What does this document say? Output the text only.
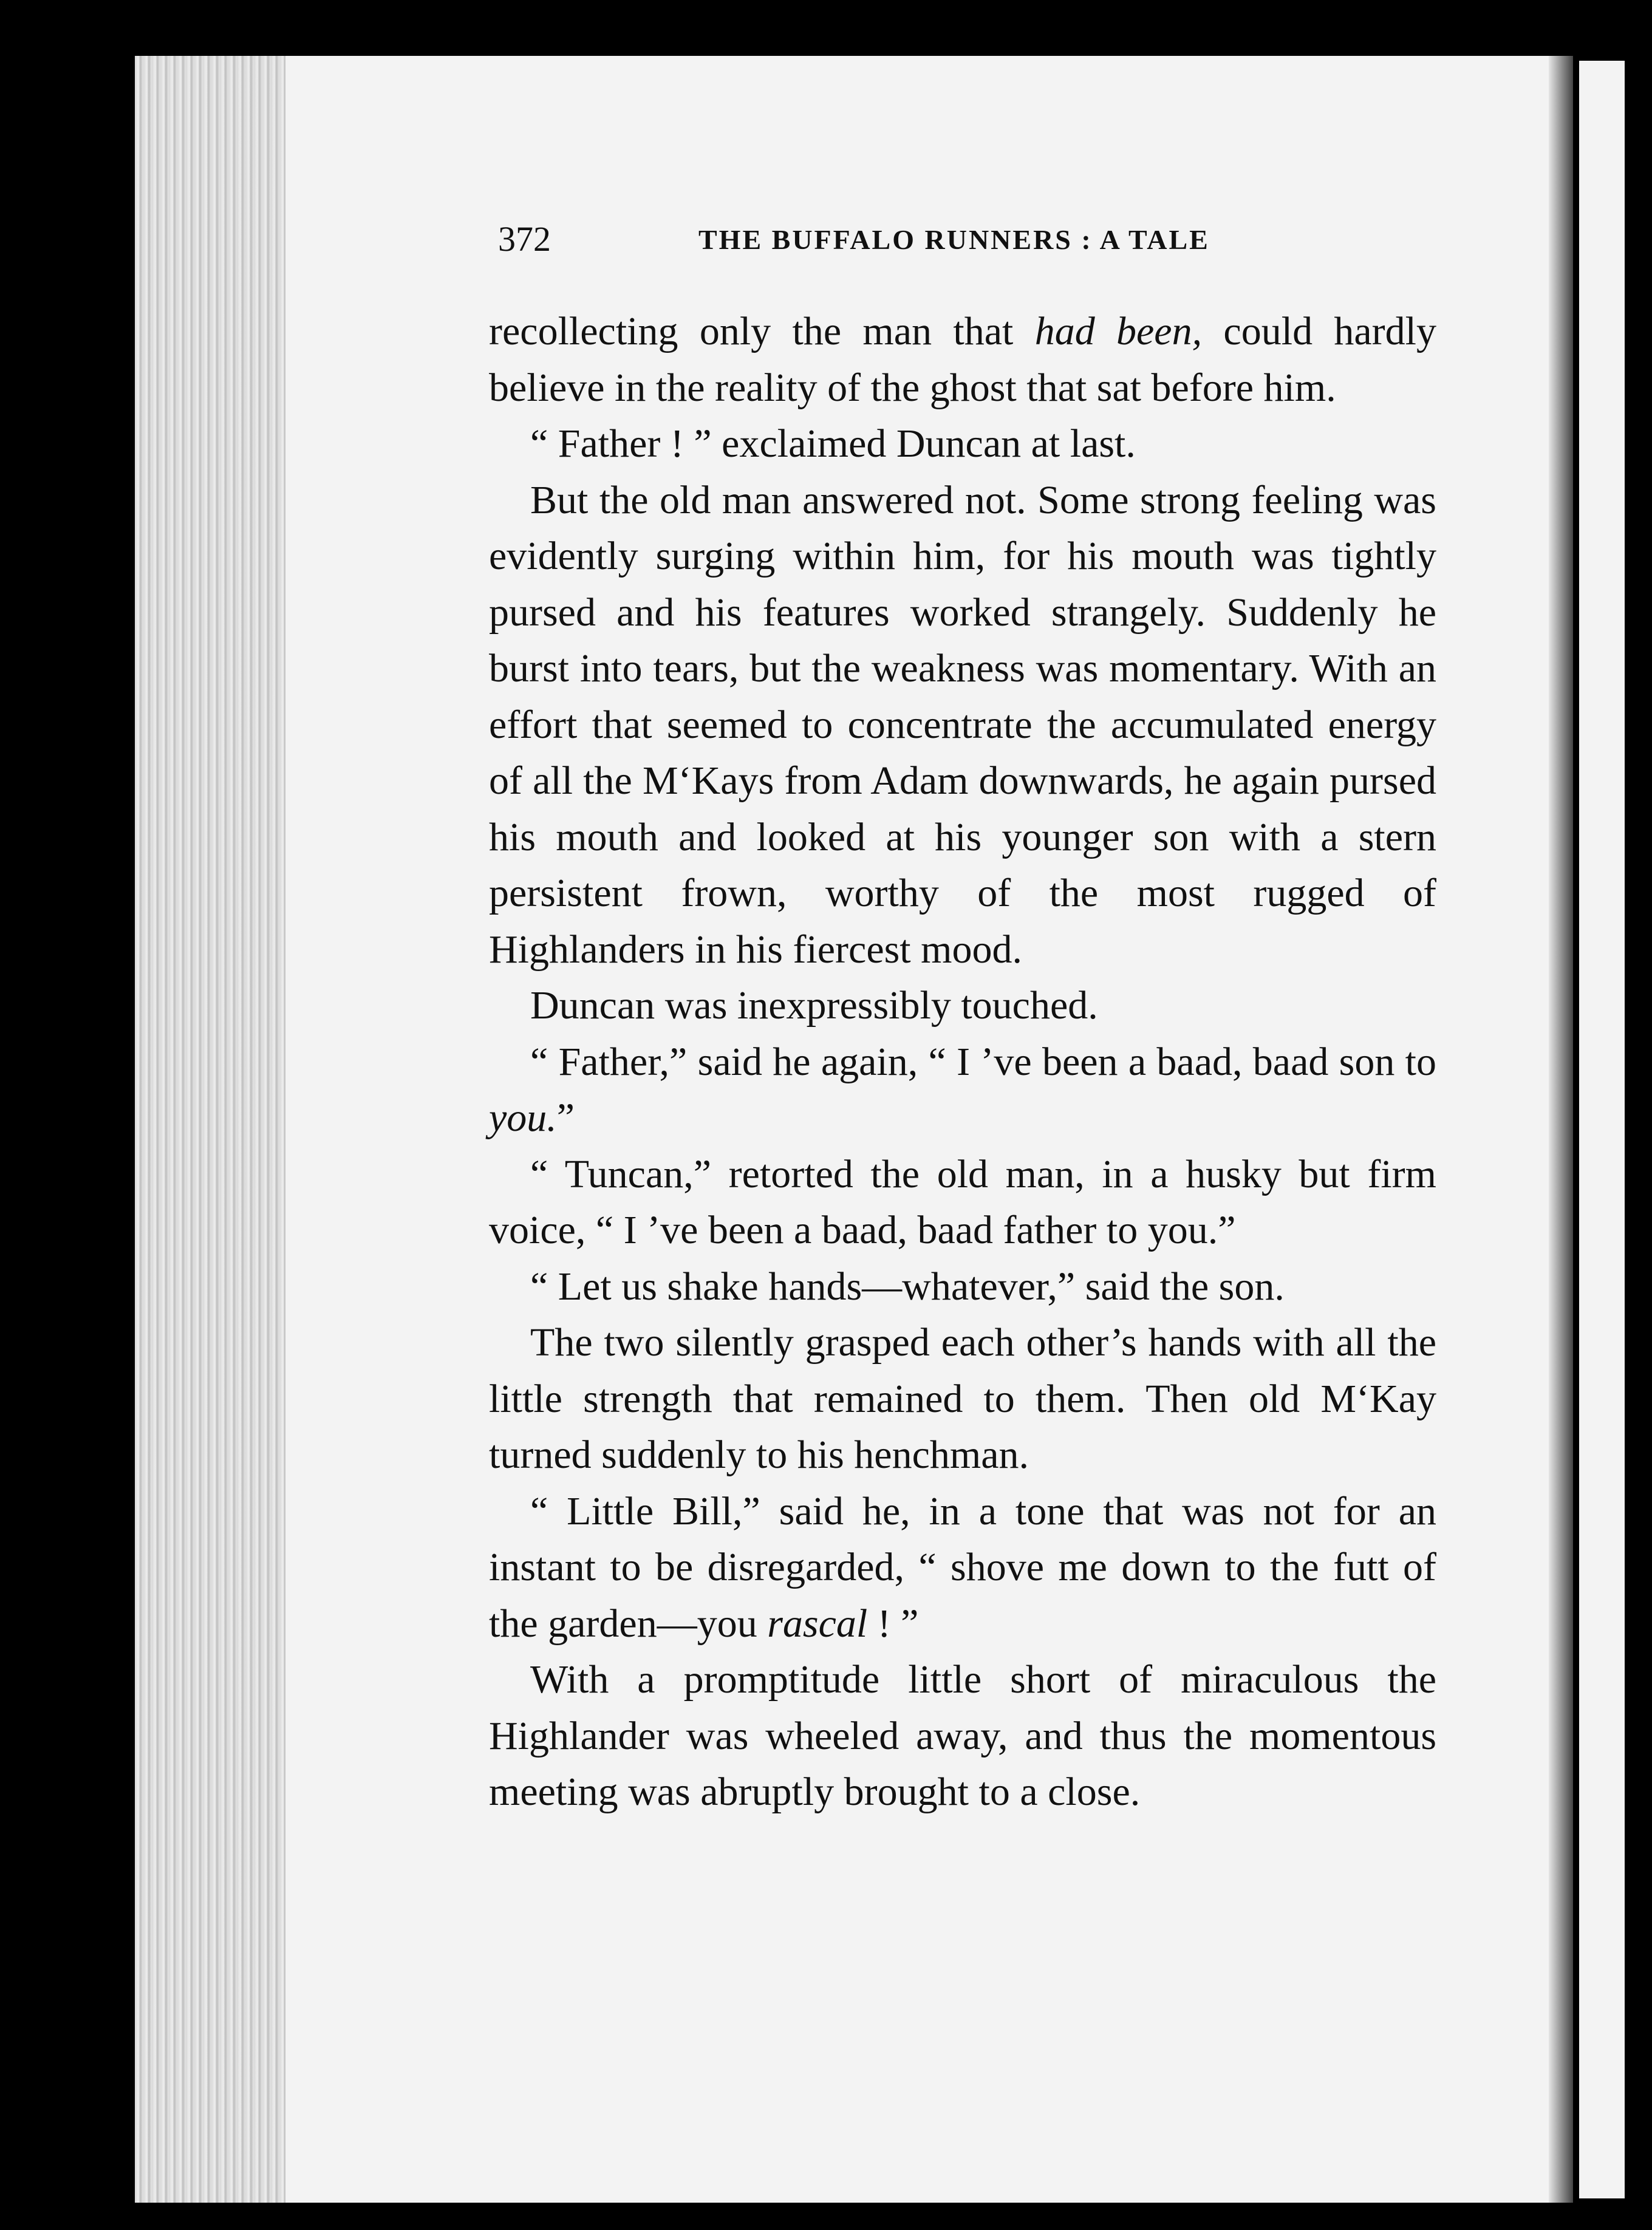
372	THE BUFFALO RUNNERS : A TALE

recollecting only the man that had been, could hardly believe in the reality of the ghost that sat before him.

“ Father ! ” exclaimed Duncan at last.

But the old man answered not. Some strong feeling was evidently surging within him, for his mouth was tightly pursed and his features worked strangely. Suddenly he burst into tears, but the weakness was momentary. With an effort that seemed to concentrate the accumulated energy of all the M‘Kays from Adam downwards, he again pursed his mouth and looked at his younger son with a stern persistent frown, worthy of the most rugged of Highlanders in his fiercest mood.

Duncan was inexpressibly touched.

“ Father,” said he again, “ I ’ve been a baad, baad son to you.”

“ Tuncan,” retorted the old man, in a husky but firm voice, “ I ’ve been a baad, baad father to you.”

“ Let us shake hands—whatever,” said the son.

The two silently grasped each other’s hands with all the little strength that remained to them. Then old M‘Kay turned suddenly to his henchman.

“ Little Bill,” said he, in a tone that was not for an instant to be disregarded, “ shove me down to the futt of the garden—you rascal ! ”

With a promptitude little short of miraculous the Highlander was wheeled away, and thus the momentous meeting was abruptly brought to a close.
